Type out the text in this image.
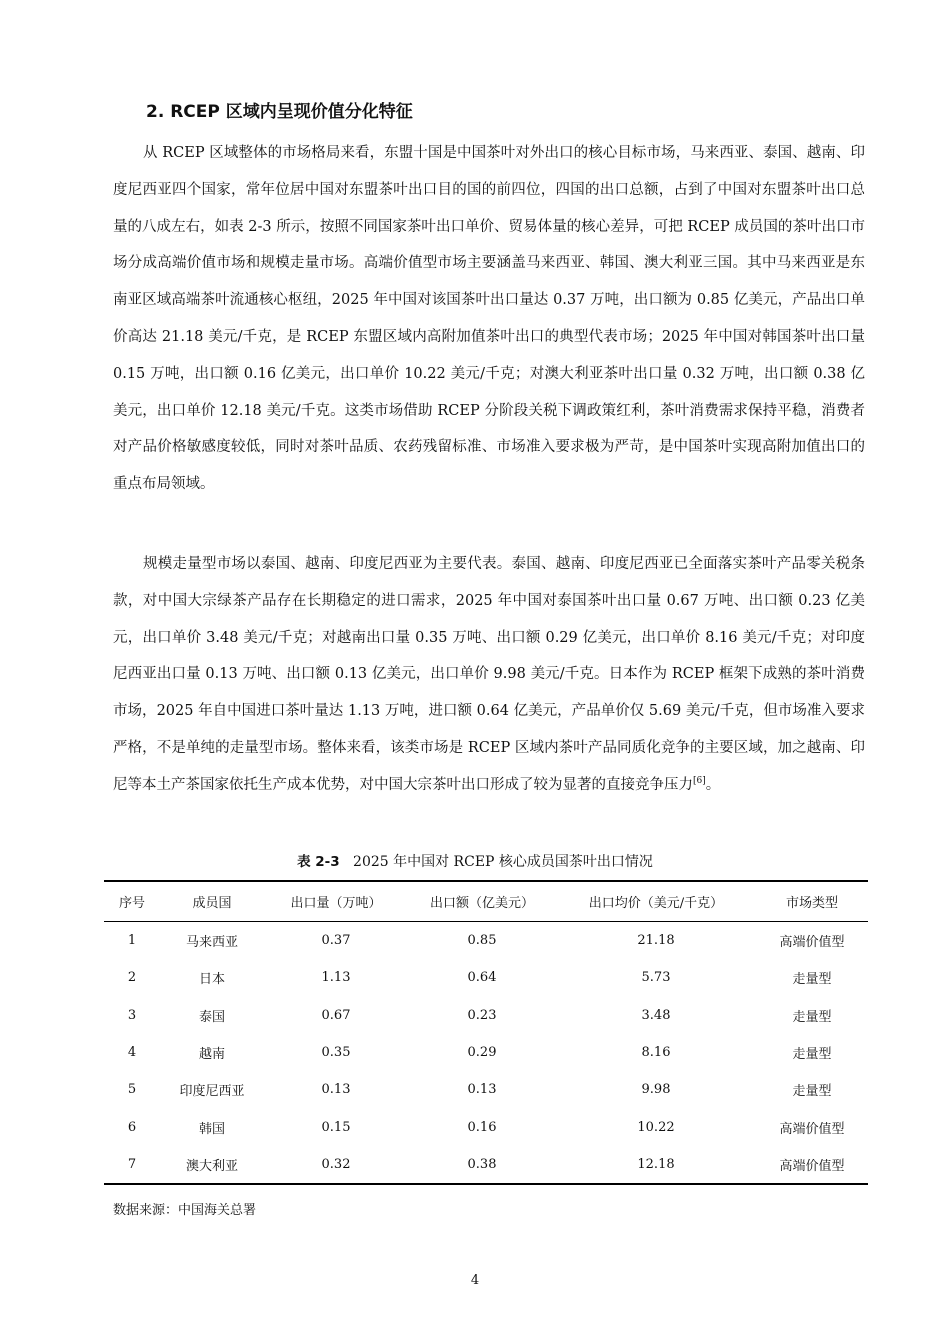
2. RCEP 区域内呈现价值分化特征

从 RCEP 区域整体的市场格局来看，东盟十国是中国茶叶对外出口的核心目标市场，马来西亚、泰国、越南、印度尼西亚四个国家，常年位居中国对东盟茶叶出口目的国的前四位，四国的出口总额，占到了中国对东盟茶叶出口总量的八成左右，如表 2-3 所示，按照不同国家茶叶出口单价、贸易体量的核心差异，可把 RCEP 成员国的茶叶出口市场分成高端价值市场和规模走量市场。高端价值型市场主要涵盖马来西亚、韩国、澳大利亚三国。其中马来西亚是东南亚区域高端茶叶流通核心枢纽，2025 年中国对该国茶叶出口量达 0.37 万吨，出口额为 0.85 亿美元，产品出口单价高达 21.18 美元/千克，是 RCEP 东盟区域内高附加值茶叶出口的典型代表市场；2025 年中国对韩国茶叶出口量 0.15 万吨，出口额 0.16 亿美元，出口单价 10.22 美元/千克；对澳大利亚茶叶出口量 0.32 万吨，出口额 0.38 亿美元，出口单价 12.18 美元/千克。这类市场借助 RCEP 分阶段关税下调政策红利，茶叶消费需求保持平稳，消费者对产品价格敏感度较低，同时对茶叶品质、农药残留标准、市场准入要求极为严苛，是中国茶叶实现高附加值出口的重点布局领域。

规模走量型市场以泰国、越南、印度尼西亚为主要代表。泰国、越南、印度尼西亚已全面落实茶叶产品零关税条款，对中国大宗绿茶产品存在长期稳定的进口需求，2025 年中国对泰国茶叶出口量 0.67 万吨、出口额 0.23 亿美元，出口单价 3.48 美元/千克；对越南出口量 0.35 万吨、出口额 0.29 亿美元，出口单价 8.16 美元/千克；对印度尼西亚出口量 0.13 万吨、出口额 0.13 亿美元，出口单价 9.98 美元/千克。日本作为 RCEP 框架下成熟的茶叶消费市场，2025 年自中国进口茶叶量达 1.13 万吨，进口额 0.64 亿美元，产品单价仅 5.69 美元/千克，但市场准入要求严格，不是单纯的走量型市场。整体来看，该类市场是 RCEP 区域内茶叶产品同质化竞争的主要区域，加之越南、印尼等本土产茶国家依托生产成本优势，对中国大宗茶叶出口形成了较为显著的直接竞争压力[6]。

表 2-3 2025 年中国对 RCEP 核心成员国茶叶出口情况
序号	成员国	出口量（万吨）	出口额（亿美元）	出口均价（美元/千克）	市场类型
1	马来西亚	0.37	0.85	21.18	高端价值型
2	日本	1.13	0.64	5.73	走量型
3	泰国	0.67	0.23	3.48	走量型
4	越南	0.35	0.29	8.16	走量型
5	印度尼西亚	0.13	0.13	9.98	走量型
6	韩国	0.15	0.16	10.22	高端价值型
7	澳大利亚	0.32	0.38	12.18	高端价值型
数据来源：中国海关总署
4
